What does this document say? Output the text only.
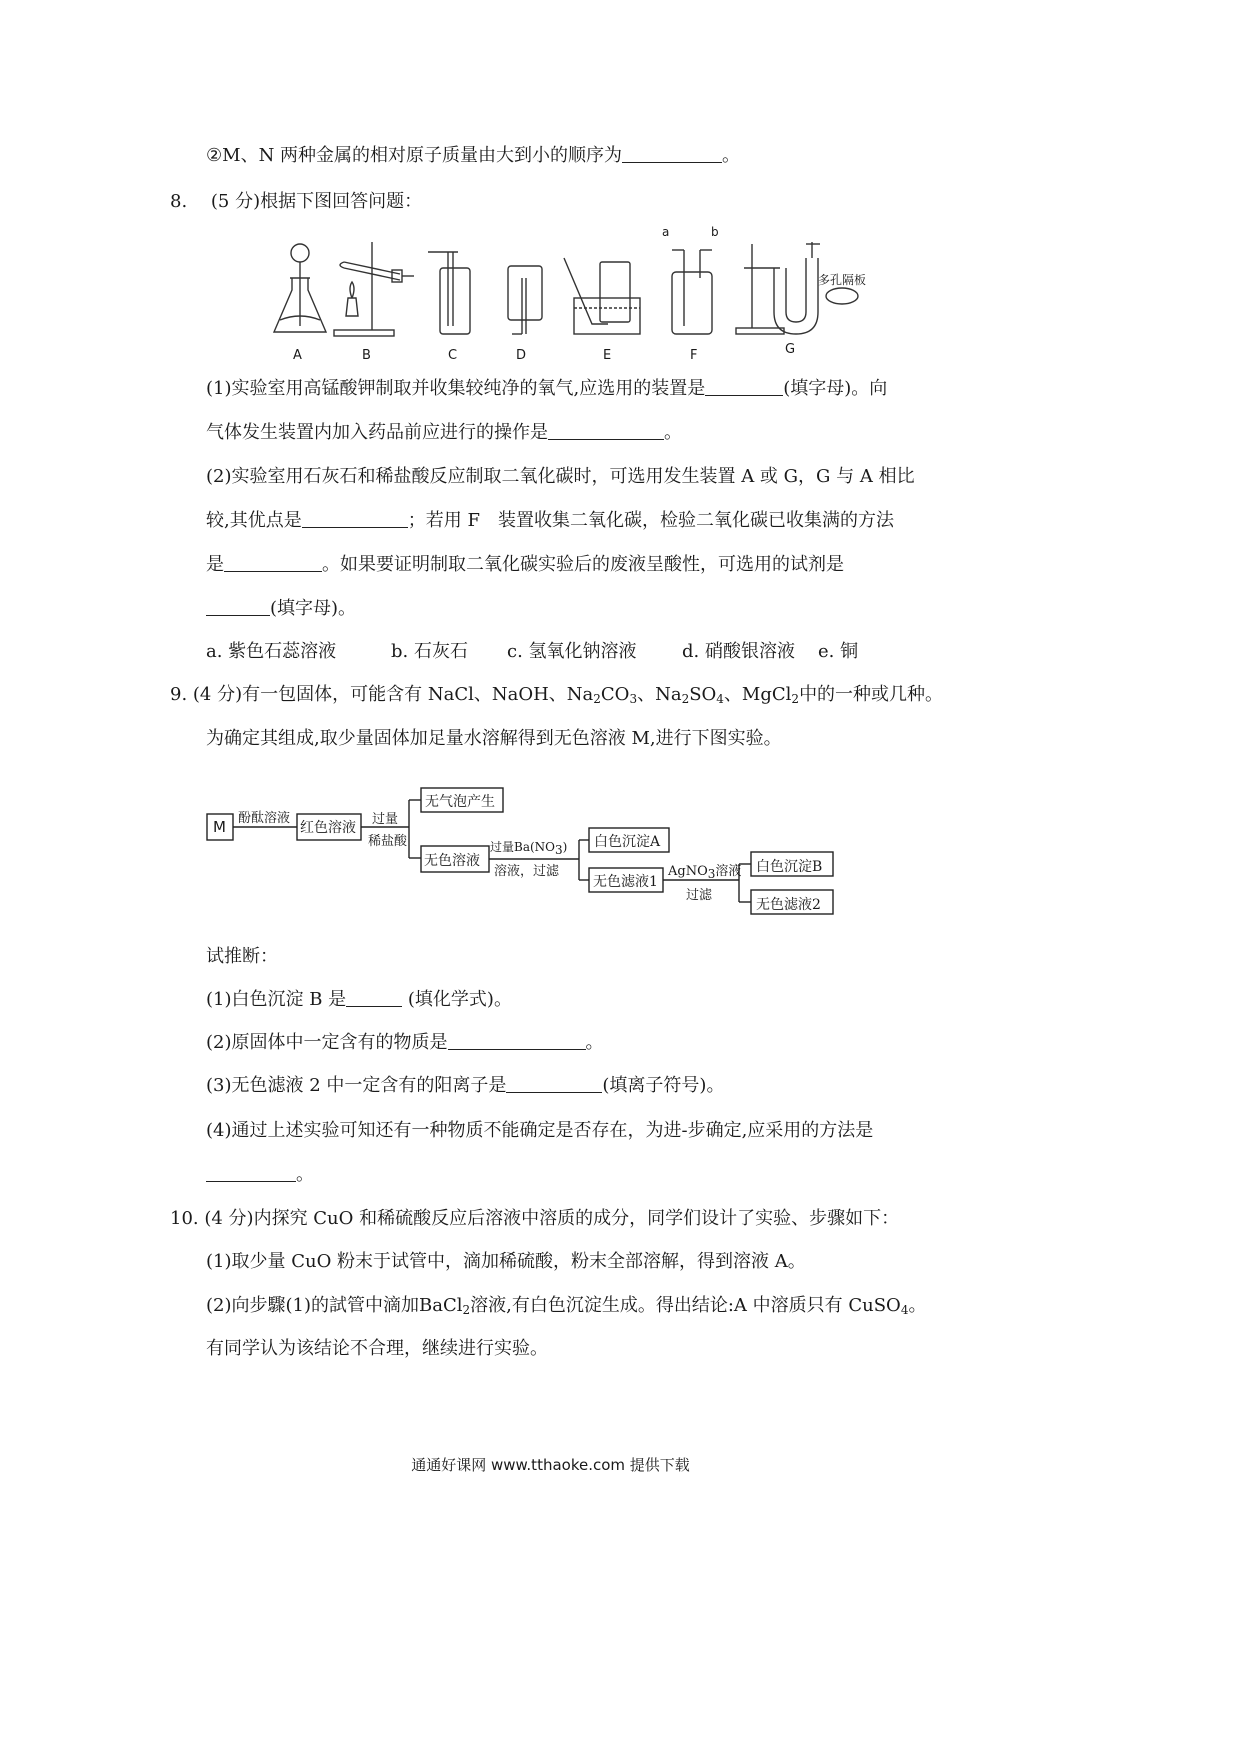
②M、N 两种金属的相对原子质量由大到小的顺序为	。
8.　 (5 分)根据下图回答问题：
A	B	C	D	E	F	G
a	b
多孔隔板
(1)实验室用高锰酸钾制取并收集较纯净的氧气,应选用的装置是	(填字母)。向
气体发生装置内加入药品前应进行的操作是	。
(2)实验室用石灰石和稀盐酸反应制取二氧化碳时，可选用发生装置 A 或 G，G 与 A 相比
较,其优点是	；若用 F　装置收集二氧化碳，检验二氧化碳已收集满的方法
是	。如果要证明制取二氧化碳实验后的废液呈酸性，可选用的试剂是
(填字母)。
a. 紫色石蕊溶液	b. 石灰石 c. 氢氧化钠溶液	d. 硝酸银溶液 e. 铜
9. (4 分)有一包固体，可能含有 NaCl、NaOH、$Na_2CO_3$、$Na_2SO_4$、MgCl$_2$中的一种或几种。
为确定其组成,取少量固体加足量水溶解得到无色溶液 M,进行下图实验。
M 酚酞溶液
红色溶液
过量
稀盐酸
无气泡产生
无色溶液
过量$Ba(NO_3)$
溶液，过滤
白色沉淀A
无色滤液1
AgNO$_3$溶液
过滤
白色沉淀B
无色滤液2
试推断：
(1)白色沉淀 B 是	(填化学式)。
(2)原固体中一定含有的物质是	。
(3)无色滤液 2 中一定含有的阳离子是	(填离子符号)。
(4)通过上述实验可知还有一种物质不能确定是否存在，为进-步确定,应采用的方法是
。
10. (4 分)内探究 CuO 和稀硫酸反应后溶液中溶质的成分，同学们设计了实验、步骤如下：
(1)取少量 CuO 粉末于试管中，滴加稀硫酸，粉末全部溶解，得到溶液 A。
(2)向步驟(1)的試管中滴加BaCl$_2$溶液,有白色沉淀生成。得出结论:A 中溶质只有 CuSO$_4$。
有同学认为该结论不合理，继续进行实验。
通通好课网 www.tthaoke.com 提供下载
